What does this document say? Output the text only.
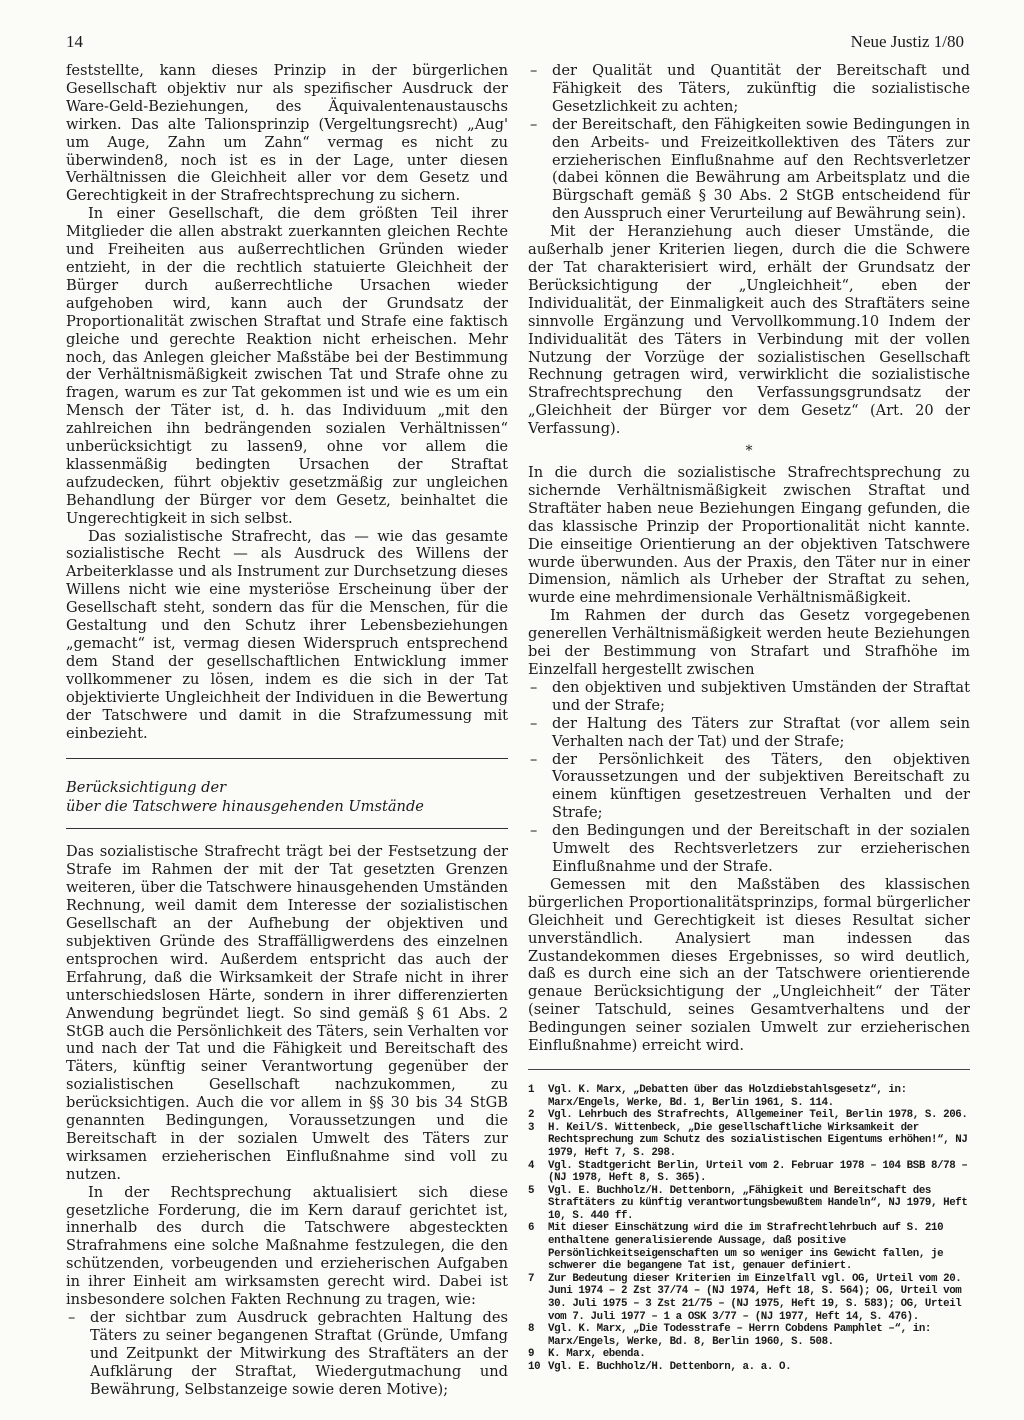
14	Neue Justiz 1/80

feststellte, kann dieses Prinzip in der bürgerlichen Gesellschaft objektiv nur als spezifischer Ausdruck der Ware-Geld-Beziehungen, des Äquivalentenaustauschs wirken. Das alte Talionsprinzip (Vergeltungsrecht) „Aug' um Auge, Zahn um Zahn“ vermag es nicht zu überwinden8, noch ist es in der Lage, unter diesen Verhältnissen die Gleichheit aller vor dem Gesetz und Gerechtigkeit in der Strafrechtsprechung zu sichern.

In einer Gesellschaft, die dem größten Teil ihrer Mitglieder die allen abstrakt zuerkannten gleichen Rechte und Freiheiten aus außerrechtlichen Gründen wieder entzieht, in der die rechtlich statuierte Gleichheit der Bürger durch außerrechtliche Ursachen wieder aufgehoben wird, kann auch der Grundsatz der Proportionalität zwischen Straftat und Strafe eine faktisch gleiche und gerechte Reaktion nicht erheischen. Mehr noch, das Anlegen gleicher Maßstäbe bei der Bestimmung der Verhältnismäßigkeit zwischen Tat und Strafe ohne zu fragen, warum es zur Tat gekommen ist und wie es um ein Mensch der Täter ist, d. h. das Individuum „mit den zahlreichen ihn bedrängenden sozialen Verhältnissen“ unberücksichtigt zu lassen9, ohne vor allem die klassenmäßig bedingten Ursachen der Straftat aufzudecken, führt objektiv gesetzmäßig zur ungleichen Behandlung der Bürger vor dem Gesetz, beinhaltet die Ungerechtigkeit in sich selbst.

Das sozialistische Strafrecht, das — wie das gesamte sozialistische Recht — als Ausdruck des Willens der Arbeiterklasse und als Instrument zur Durchsetzung dieses Willens nicht wie eine mysteriöse Erscheinung über der Gesellschaft steht, sondern das für die Menschen, für die Gestaltung und den Schutz ihrer Lebensbeziehungen „gemacht“ ist, vermag diesen Widerspruch entsprechend dem Stand der gesellschaftlichen Entwicklung immer vollkommener zu lösen, indem es die sich in der Tat objektivierte Ungleichheit der Individuen in die Bewertung der Tatschwere und damit in die Strafzumessung mit einbezieht.

Berücksichtigung der
über die Tatschwere hinausgehenden Umstände

Das sozialistische Strafrecht trägt bei der Festsetzung der Strafe im Rahmen der mit der Tat gesetzten Grenzen weiteren, über die Tatschwere hinausgehenden Umständen Rechnung, weil damit dem Interesse der sozialistischen Gesellschaft an der Aufhebung der objektiven und subjektiven Gründe des Straffälligwerdens des einzelnen entsprochen wird. Außerdem entspricht das auch der Erfahrung, daß die Wirksamkeit der Strafe nicht in ihrer unterschiedslosen Härte, sondern in ihrer differenzierten Anwendung begründet liegt. So sind gemäß § 61 Abs. 2 StGB auch die Persönlichkeit des Täters, sein Verhalten vor und nach der Tat und die Fähigkeit und Bereitschaft des Täters, künftig seiner Verantwortung gegenüber der sozialistischen Gesellschaft nachzukommen, zu berücksichtigen. Auch die vor allem in §§ 30 bis 34 StGB genannten Bedingungen, Voraussetzungen und die Bereitschaft in der sozialen Umwelt des Täters zur wirksamen erzieherischen Einflußnahme sind voll zu nutzen.

In der Rechtsprechung aktualisiert sich diese gesetzliche Forderung, die im Kern darauf gerichtet ist, innerhalb des durch die Tatschwere abgesteckten Strafrahmens eine solche Maßnahme festzulegen, die den schützenden, vorbeugenden und erzieherischen Aufgaben in ihrer Einheit am wirksamsten gerecht wird. Dabei ist insbesondere solchen Fakten Rechnung zu tragen, wie:

– der sichtbar zum Ausdruck gebrachten Haltung des Täters zu seiner begangenen Straftat (Gründe, Umfang und Zeitpunkt der Mitwirkung des Straftäters an der Aufklärung der Straftat, Wiedergutmachung und Bewährung, Selbstanzeige sowie deren Motive);

– der Qualität und Quantität der Bereitschaft und Fähigkeit des Täters, zukünftig die sozialistische Gesetzlichkeit zu achten;

– der Bereitschaft, den Fähigkeiten sowie Bedingungen in den Arbeits- und Freizeitkollektiven des Täters zur erzieherischen Einflußnahme auf den Rechtsverletzer (dabei können die Bewährung am Arbeitsplatz und die Bürgschaft gemäß § 30 Abs. 2 StGB entscheidend für den Ausspruch einer Verurteilung auf Bewährung sein).

Mit der Heranziehung auch dieser Umstände, die außerhalb jener Kriterien liegen, durch die die Schwere der Tat charakterisiert wird, erhält der Grundsatz der Berücksichtigung der „Ungleichheit“, eben der Individualität, der Einmaligkeit auch des Straftäters seine sinnvolle Ergänzung und Vervollkommung.10 Indem der Individualität des Täters in Verbindung mit der vollen Nutzung der Vorzüge der sozialistischen Gesellschaft Rechnung getragen wird, verwirklicht die sozialistische Strafrechtsprechung den Verfassungsgrundsatz der „Gleichheit der Bürger vor dem Gesetz“ (Art. 20 der Verfassung).

*

In die durch die sozialistische Strafrechtsprechung zu sichernde Verhältnismäßigkeit zwischen Straftat und Straftäter haben neue Beziehungen Eingang gefunden, die das klassische Prinzip der Proportionalität nicht kannte. Die einseitige Orientierung an der objektiven Tatschwere wurde überwunden. Aus der Praxis, den Täter nur in einer Dimension, nämlich als Urheber der Straftat zu sehen, wurde eine mehrdimensionale Verhältnismäßigkeit.

Im Rahmen der durch das Gesetz vorgegebenen generellen Verhältnismäßigkeit werden heute Beziehungen bei der Bestimmung von Strafart und Strafhöhe im Einzelfall hergestellt zwischen

– den objektiven und subjektiven Umständen der Straftat und der Strafe;

– der Haltung des Täters zur Straftat (vor allem sein Verhalten nach der Tat) und der Strafe;

– der Persönlichkeit des Täters, den objektiven Voraussetzungen und der subjektiven Bereitschaft zu einem künftigen gesetzestreuen Verhalten und der Strafe;

– den Bedingungen und der Bereitschaft in der sozialen Umwelt des Rechtsverletzers zur erzieherischen Einflußnahme und der Strafe.

Gemessen mit den Maßstäben des klassischen bürgerlichen Proportionalitätsprinzips, formal bürgerlicher Gleichheit und Gerechtigkeit ist dieses Resultat sicher unverständlich. Analysiert man indessen das Zustandekommen dieses Ergebnisses, so wird deutlich, daß es durch eine sich an der Tatschwere orientierende genaue Berücksichtigung der „Ungleichheit“ der Täter (seiner Tatschuld, seines Gesamtverhaltens und der Bedingungen seiner sozialen Umwelt zur erzieherischen Einflußnahme) erreicht wird.

1 Vgl. K. Marx, „Debatten über das Holzdiebstahlsgesetz“, in: Marx/Engels, Werke, Bd. 1, Berlin 1961, S. 114.
2 Vgl. Lehrbuch des Strafrechts, Allgemeiner Teil, Berlin 1978, S. 206.
3 H. Keil/S. Wittenbeck, „Die gesellschaftliche Wirksamkeit der Rechtsprechung zum Schutz des sozialistischen Eigentums erhöhen!“, NJ 1979, Heft 7, S. 298.
4 Vgl. Stadtgericht Berlin, Urteil vom 2. Februar 1978 – 104 BSB 8/78 – (NJ 1978, Heft 8, S. 365).
5 Vgl. E. Buchholz/H. Dettenborn, „Fähigkeit und Bereitschaft des Straftäters zu künftig verantwortungsbewußtem Handeln“, NJ 1979, Heft 10, S. 440 ff.
6 Mit dieser Einschätzung wird die im Strafrechtlehrbuch auf S. 210 enthaltene generalisierende Aussage, daß positive Persönlichkeitseigenschaften um so weniger ins Gewicht fallen, je schwerer die begangene Tat ist, genauer definiert.
7 Zur Bedeutung dieser Kriterien im Einzelfall vgl. OG, Urteil vom 20. Juni 1974 – 2 Zst 37/74 – (NJ 1974, Heft 18, S. 564); OG, Urteil vom 30. Juli 1975 – 3 Zst 21/75 – (NJ 1975, Heft 19, S. 583); OG, Urteil vom 7. Juli 1977 – 1 a OSK 3/77 – (NJ 1977, Heft 14, S. 476).
8 Vgl. K. Marx, „Die Todesstrafe – Herrn Cobdens Pamphlet –“, in: Marx/Engels, Werke, Bd. 8, Berlin 1960, S. 508.
9 K. Marx, ebenda.
10 Vgl. E. Buchholz/H. Dettenborn, a. a. O.
